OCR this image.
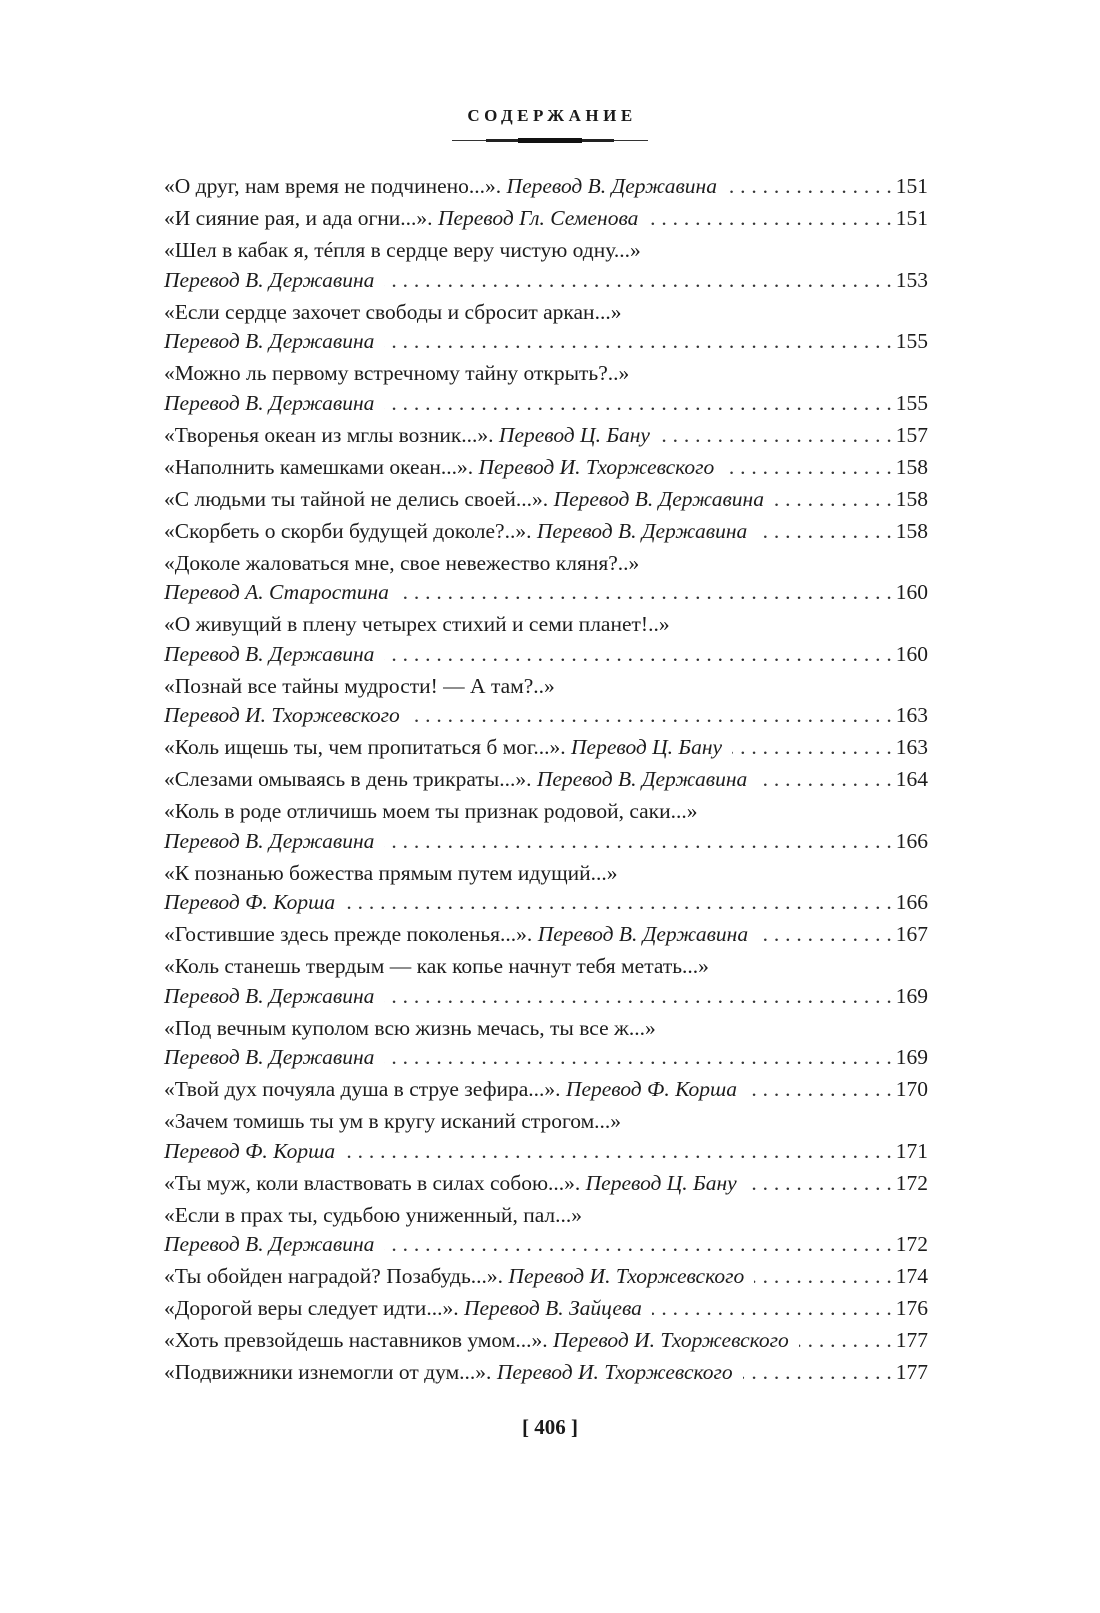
СОДЕРЖАНИЕ
«О друг, нам время не подчинено...».
Перевод В. Державина . . .	151
«И сияние рая, и ада огни...».
Перевод Гл. Семенова . . .	151
«Шел в кабак я, тéпля в сердце веру чистую одну...»
Перевод В. Державина . . .	153
«Если сердце захочет свободы и сбросит аркан...»
Перевод В. Державина . . .	155
«Можно ль первому встречному тайну открыть?..»
Перевод В. Державина . . .	155
«Творенья океан из мглы возник...».
Перевод Ц. Бану . . .	157
«Наполнить камешками океан...».
Перевод И. Тхоржевского . . .	158
«С людьми ты тайной не делись своей...».
Перевод В. Державина . . .	158
«Скорбеть о скорби будущей доколе?..».
Перевод В. Державина . . .	158
«Доколе жаловаться мне, свое невежество кляня?..»
Перевод А. Старостина . . .	160
«О живущий в плену четырех стихий и семи планет!..»
Перевод В. Державина . . .	160
«Познай все тайны мудрости! — А там?..»
Перевод И. Тхоржевского . . .	163
«Коль ищешь ты, чем пропитаться б мог...».
Перевод Ц. Бану . . .	163
«Слезами омываясь в день трикраты...».
Перевод В. Державина . . .	164
«Коль в роде отличишь моем ты признак родовой, саки...»
Перевод В. Державина . . .	166
«К познанью божества прямым путем идущий...»
Перевод Ф. Корша . . .	166
«Гостившие здесь прежде поколенья...».
Перевод В. Державина . . .	167
«Коль станешь твердым — как копье начнут тебя метать...»
Перевод В. Державина . . .	169
«Под вечным куполом всю жизнь мечась, ты все ж...»
Перевод В. Державина . . .	169
«Твой дух почуяла душа в струе зефира...».
Перевод Ф. Корша . . .	170
«Зачем томишь ты ум в кругу исканий строгом...»
Перевод Ф. Корша . . .	171
«Ты муж, коли властвовать в силах собою...».
Перевод Ц. Бану . . .	172
«Если в прах ты, судьбою униженный, пал...»
Перевод В. Державина . . .	172
«Ты обойден наградой? Позабудь...».
Перевод И. Тхоржевского . . .	174
«Дорогой веры следует идти...».
Перевод В. Зайцева . . .	176
«Хоть превзойдешь наставников умом...».
Перевод И. Тхоржевского . . .	177
«Подвижники изнемогли от дум...».
Перевод И. Тхоржевского . . .	177
[ 406 ]
